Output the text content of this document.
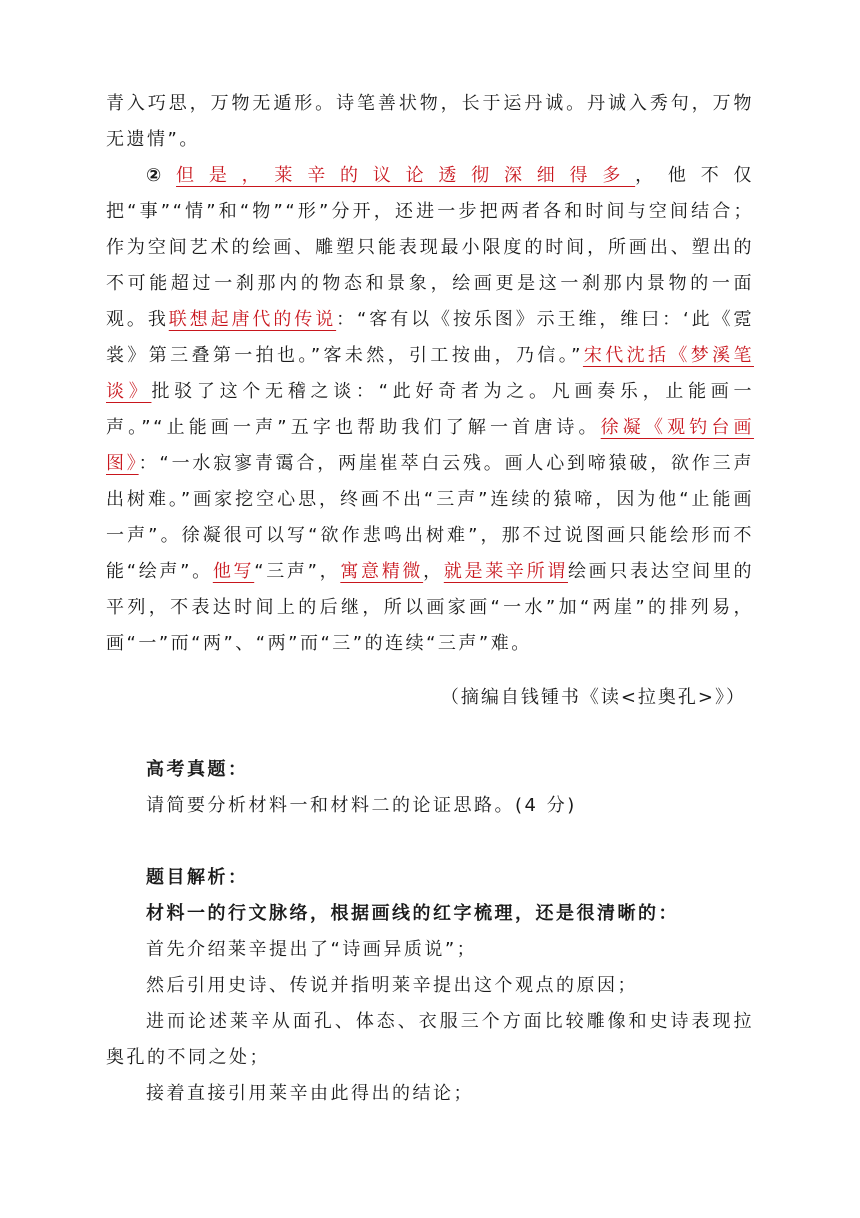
青入巧思，万物无遁形。诗笔善状物，长于运丹诚。丹诚入秀句，万物无遗情”。

②但是，莱辛的议论透彻深细得多，他不仅把“事”“情”和“物”“形”分开，还进一步把两者各和时间与空间结合；作为空间艺术的绘画、雕塑只能表现最小限度的时间，所画出、塑出的不可能超过一刹那内的物态和景象，绘画更是这一刹那内景物的一面观。我联想起唐代的传说：“客有以《按乐图》示王维，维曰：‘此《霓裳》第三叠第一拍也。”客未然，引工按曲，乃信。”宋代沈括《梦溪笔谈》批驳了这个无稽之谈：“此好奇者为之。凡画奏乐，止能画一声。”“止能画一声”五字也帮助我们了解一首唐诗。徐凝《观钓台画图》：“一水寂寥青霭合，两崖崔萃白云残。画人心到啼猿破，欲作三声出树难。”画家挖空心思，终画不出“三声”连续的猿啼，因为他“止能画一声”。徐凝很可以写“欲作悲鸣出树难”，那不过说图画只能绘形而不能“绘声”。他写“三声”，寓意精微，就是莱辛所谓绘画只表达空间里的平列，不表达时间上的后继，所以画家画“一水”加“两崖”的排列易，画“一”而“两”、“两”而“三”的连续“三声”难。

（摘编自钱锺书《读<拉奥孔>》）

高考真题：

请简要分析材料一和材料二的论证思路。(4 分)

题目解析：

材料一的行文脉络，根据画线的红字梳理，还是很清晰的：

首先介绍莱辛提出了“诗画异质说”；

然后引用史诗、传说并指明莱辛提出这个观点的原因；

进而论述莱辛从面孔、体态、衣服三个方面比较雕像和史诗表现拉奥孔的不同之处；

接着直接引用莱辛由此得出的结论；
